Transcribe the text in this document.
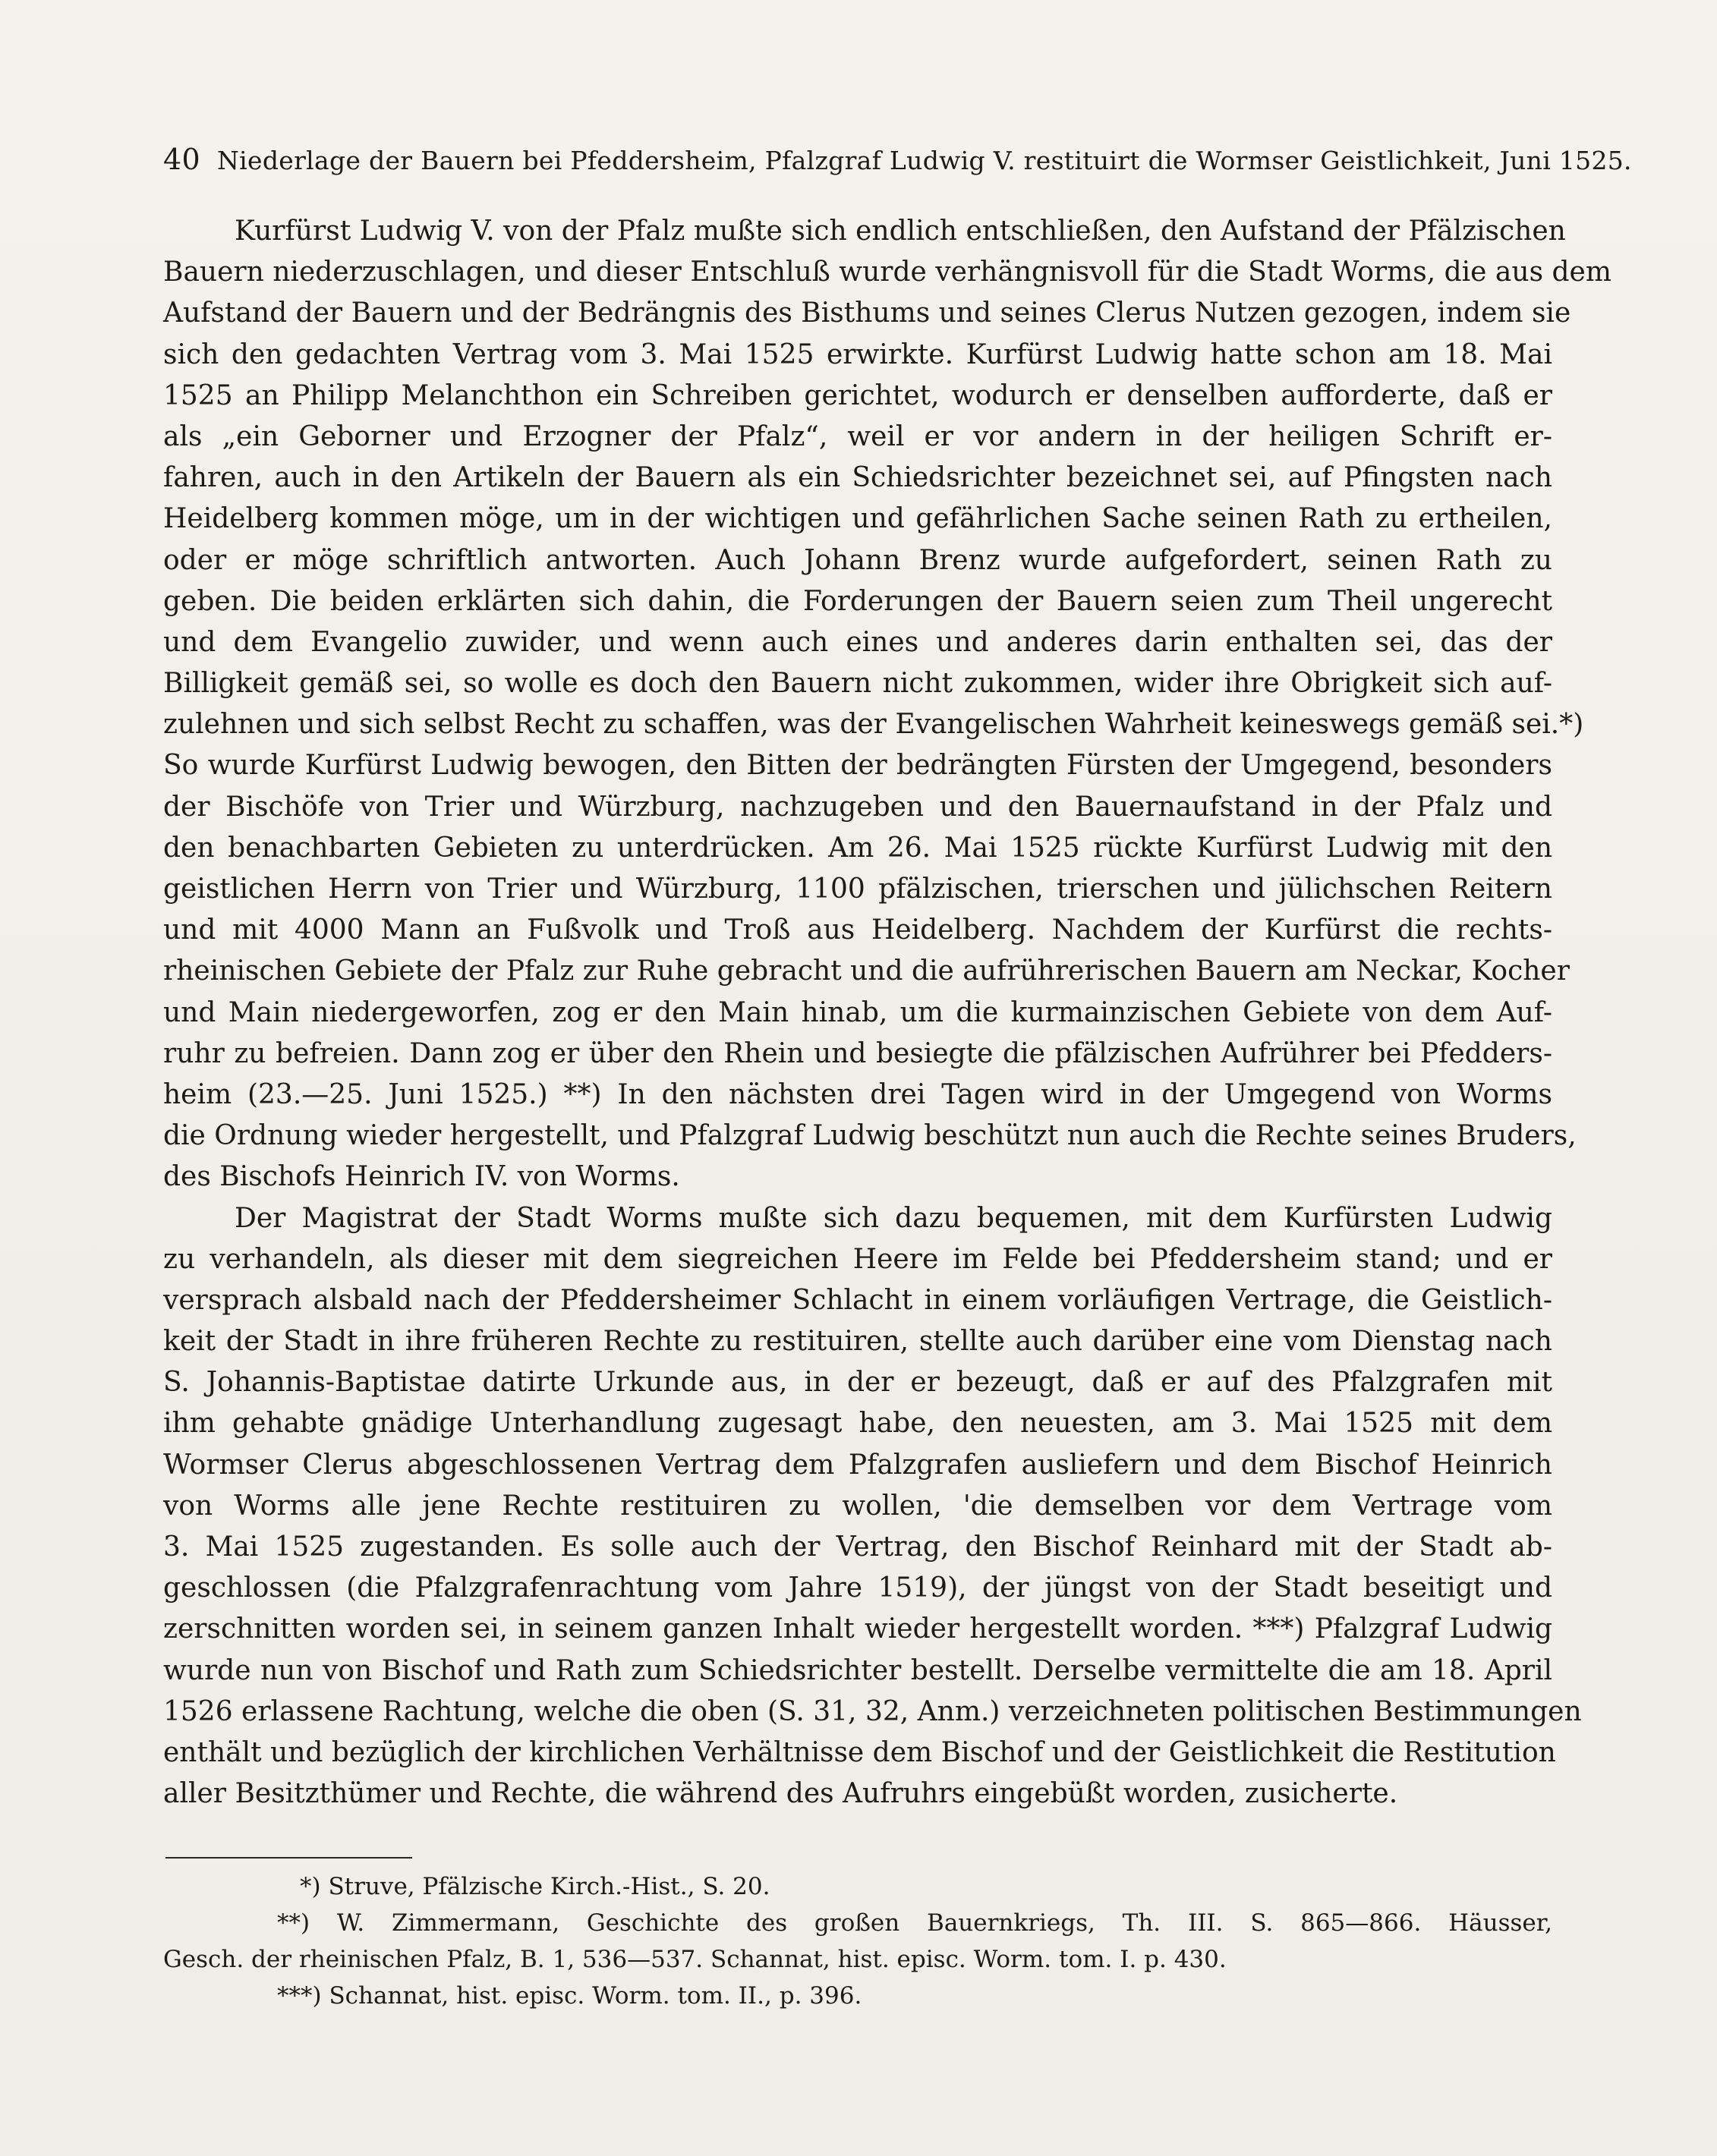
40 Niederlage der Bauern bei Pfeddersheim, Pfalzgraf Ludwig V. restituirt die Wormser Geistlichkeit, Juni 1525.
Kurfürst Ludwig V. von der Pfalz mußte sich endlich entschließen, den Aufstand der Pfälzischen
Bauern niederzuschlagen, und dieser Entschluß wurde verhängnisvoll für die Stadt Worms, die aus dem
Aufstand der Bauern und der Bedrängnis des Bisthums und seines Clerus Nutzen gezogen, indem sie
sich den gedachten Vertrag vom 3. Mai 1525 erwirkte. Kurfürst Ludwig hatte schon am 18. Mai
1525 an Philipp Melanchthon ein Schreiben gerichtet, wodurch er denselben aufforderte, daß er
als „ein Geborner und Erzogner der Pfalz“, weil er vor andern in der heiligen Schrift er-
fahren, auch in den Artikeln der Bauern als ein Schiedsrichter bezeichnet sei, auf Pfingsten nach
Heidelberg kommen möge, um in der wichtigen und gefährlichen Sache seinen Rath zu ertheilen,
oder er möge schriftlich antworten. Auch Johann Brenz wurde aufgefordert, seinen Rath zu
geben. Die beiden erklärten sich dahin, die Forderungen der Bauern seien zum Theil ungerecht
und dem Evangelio zuwider, und wenn auch eines und anderes darin enthalten sei, das der
Billigkeit gemäß sei, so wolle es doch den Bauern nicht zukommen, wider ihre Obrigkeit sich auf-
zulehnen und sich selbst Recht zu schaffen, was der Evangelischen Wahrheit keineswegs gemäß sei.*)
So wurde Kurfürst Ludwig bewogen, den Bitten der bedrängten Fürsten der Umgegend, besonders
der Bischöfe von Trier und Würzburg, nachzugeben und den Bauernaufstand in der Pfalz und
den benachbarten Gebieten zu unterdrücken. Am 26. Mai 1525 rückte Kurfürst Ludwig mit den
geistlichen Herrn von Trier und Würzburg, 1100 pfälzischen, trierschen und jülichschen Reitern
und mit 4000 Mann an Fußvolk und Troß aus Heidelberg. Nachdem der Kurfürst die rechts-
rheinischen Gebiete der Pfalz zur Ruhe gebracht und die aufrührerischen Bauern am Neckar, Kocher
und Main niedergeworfen, zog er den Main hinab, um die kurmainzischen Gebiete von dem Auf-
ruhr zu befreien. Dann zog er über den Rhein und besiegte die pfälzischen Aufrührer bei Pfedders-
heim (23.—25. Juni 1525.) **) In den nächsten drei Tagen wird in der Umgegend von Worms
die Ordnung wieder hergestellt, und Pfalzgraf Ludwig beschützt nun auch die Rechte seines Bruders,
des Bischofs Heinrich IV. von Worms.
Der Magistrat der Stadt Worms mußte sich dazu bequemen, mit dem Kurfürsten Ludwig
zu verhandeln, als dieser mit dem siegreichen Heere im Felde bei Pfeddersheim stand; und er
versprach alsbald nach der Pfeddersheimer Schlacht in einem vorläufigen Vertrage, die Geistlich-
keit der Stadt in ihre früheren Rechte zu restituiren, stellte auch darüber eine vom Dienstag nach
S. Johannis-Baptistae datirte Urkunde aus, in der er bezeugt, daß er auf des Pfalzgrafen mit
ihm gehabte gnädige Unterhandlung zugesagt habe, den neuesten, am 3. Mai 1525 mit dem
Wormser Clerus abgeschlossenen Vertrag dem Pfalzgrafen ausliefern und dem Bischof Heinrich
von Worms alle jene Rechte restituiren zu wollen, 'die demselben vor dem Vertrage vom
3. Mai 1525 zugestanden. Es solle auch der Vertrag, den Bischof Reinhard mit der Stadt ab-
geschlossen (die Pfalzgrafenrachtung vom Jahre 1519), der jüngst von der Stadt beseitigt und
zerschnitten worden sei, in seinem ganzen Inhalt wieder hergestellt worden. ***) Pfalzgraf Ludwig
wurde nun von Bischof und Rath zum Schiedsrichter bestellt. Derselbe vermittelte die am 18. April
1526 erlassene Rachtung, welche die oben (S. 31, 32, Anm.) verzeichneten politischen Bestimmungen
enthält und bezüglich der kirchlichen Verhältnisse dem Bischof und der Geistlichkeit die Restitution
aller Besitzthümer und Rechte, die während des Aufruhrs eingebüßt worden, zusicherte.
*) Struve, Pfälzische Kirch.-Hist., S. 20.
**) W. Zimmermann, Geschichte des großen Bauernkriegs, Th. III. S. 865—866. Häusser,
Gesch. der rheinischen Pfalz, B. 1, 536—537. Schannat, hist. episc. Worm. tom. I. p. 430.
***) Schannat, hist. episc. Worm. tom. II., p. 396.
